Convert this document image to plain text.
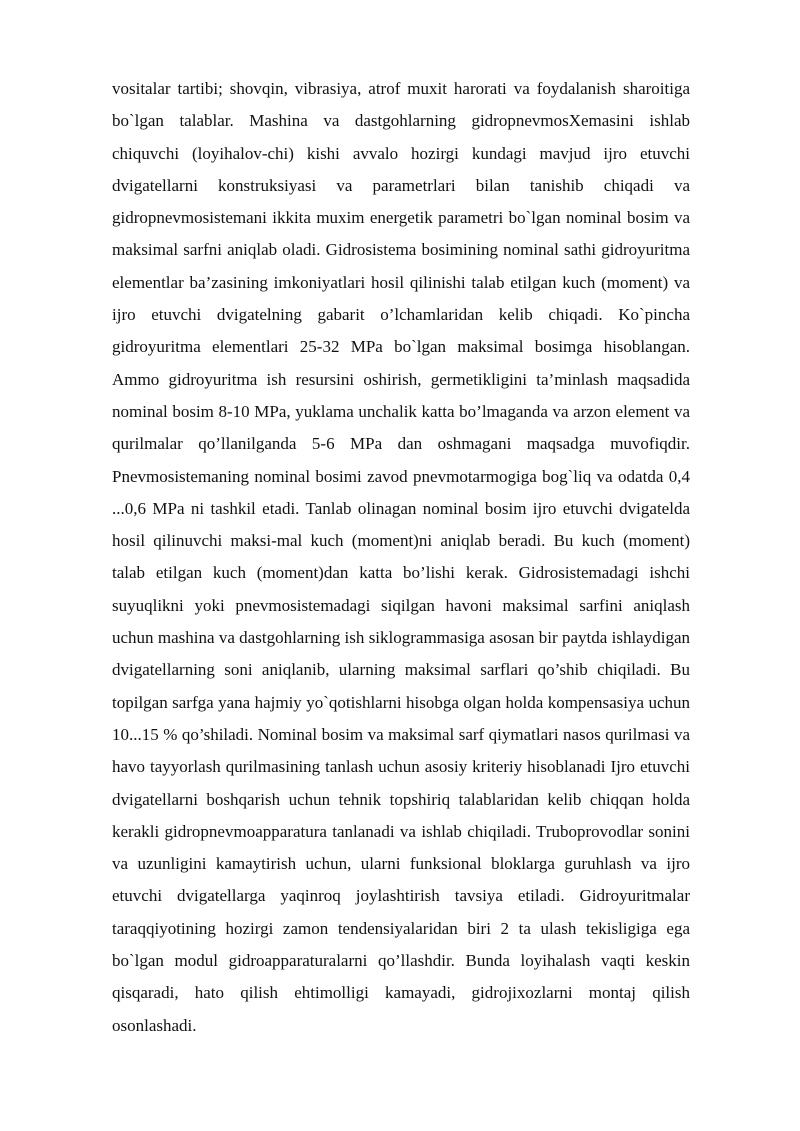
vositalar tartibi; shovqin, vibrasiya, atrof muxit harorati va foydalanish sharoitiga bo`lgan talablar. Mashina va dastgohlarning gidropnevmosXemasini ishlab chiquvchi (loyihalov-chi) kishi avvalo hozirgi kundagi mavjud ijro etuvchi dvigatellarni konstruksiyasi va parametrlari bilan tanishib chiqadi va gidropnevmosistemani ikkita muxim energetik parametri bo`lgan nominal bosim va maksimal sarfni aniqlab oladi. Gidrosistema bosimining nominal sathi gidroyuritma elementlar ba’zasining imkoniyatlari hosil qilinishi talab etilgan kuch (moment) va ijro etuvchi dvigatelning gabarit o’lchamlaridan kelib chiqadi. Ko`pincha gidroyuritma elementlari 25-32 MPa bo`lgan maksimal bosimga hisoblangan. Ammo gidroyuritma ish resursini oshirish, germetikligini ta’minlash maqsadida nominal bosim 8-10 MPa, yuklama unchalik katta bo’lmaganda va arzon element va qurilmalar qo’llanilganda 5-6 MPa dan oshmagani maqsadga muvofiqdir. Pnevmosistemaning nominal bosimi zavod pnevmotarmogiga bog`liq va odatda 0,4 ...0,6 MPa ni tashkil etadi. Tanlab olinagan nominal bosim ijro etuvchi dvigatelda hosil qilinuvchi maksi-mal kuch (moment)ni aniqlab beradi. Bu kuch (moment) talab etilgan kuch (moment)dan katta bo’lishi kerak. Gidrosistemadagi ishchi suyuqlikni yoki pnevmosistemadagi siqilgan havoni maksimal sarfini aniqlash uchun mashina va dastgohlarning ish siklogrammasiga asosan bir paytda ishlaydigan dvigatellarning soni aniqlanib, ularning maksimal sarflari qo’shib chiqiladi. Bu topilgan sarfga yana hajmiy yo`qotishlarni hisobga olgan holda kompensasiya uchun 10...15 % qo’shiladi. Nominal bosim va maksimal sarf qiymatlari nasos qurilmasi va havo tayyorlash qurilmasining tanlash uchun asosiy kriteriy hisoblanadi Ijro etuvchi dvigatellarni boshqarish uchun tehnik topshiriq talablaridan kelib chiqqan holda kerakli gidropnevmoapparatura tanlanadi va ishlab chiqiladi. Truboprovodlar sonini va uzunligini kamaytirish uchun, ularni funksional bloklarga guruhlash va ijro etuvchi dvigatellarga yaqinroq joylashtirish tavsiya etiladi. Gidroyuritmalar taraqqiyotining hozirgi zamon tendensiyalaridan biri 2 ta ulash tekisligiga ega bo`lgan modul gidroapparaturalarni qo’llashdir. Bunda loyihalash vaqti keskin qisqaradi, hato qilish ehtimolligi kamayadi, gidrojixozlarni montaj qilish osonlashadi.
